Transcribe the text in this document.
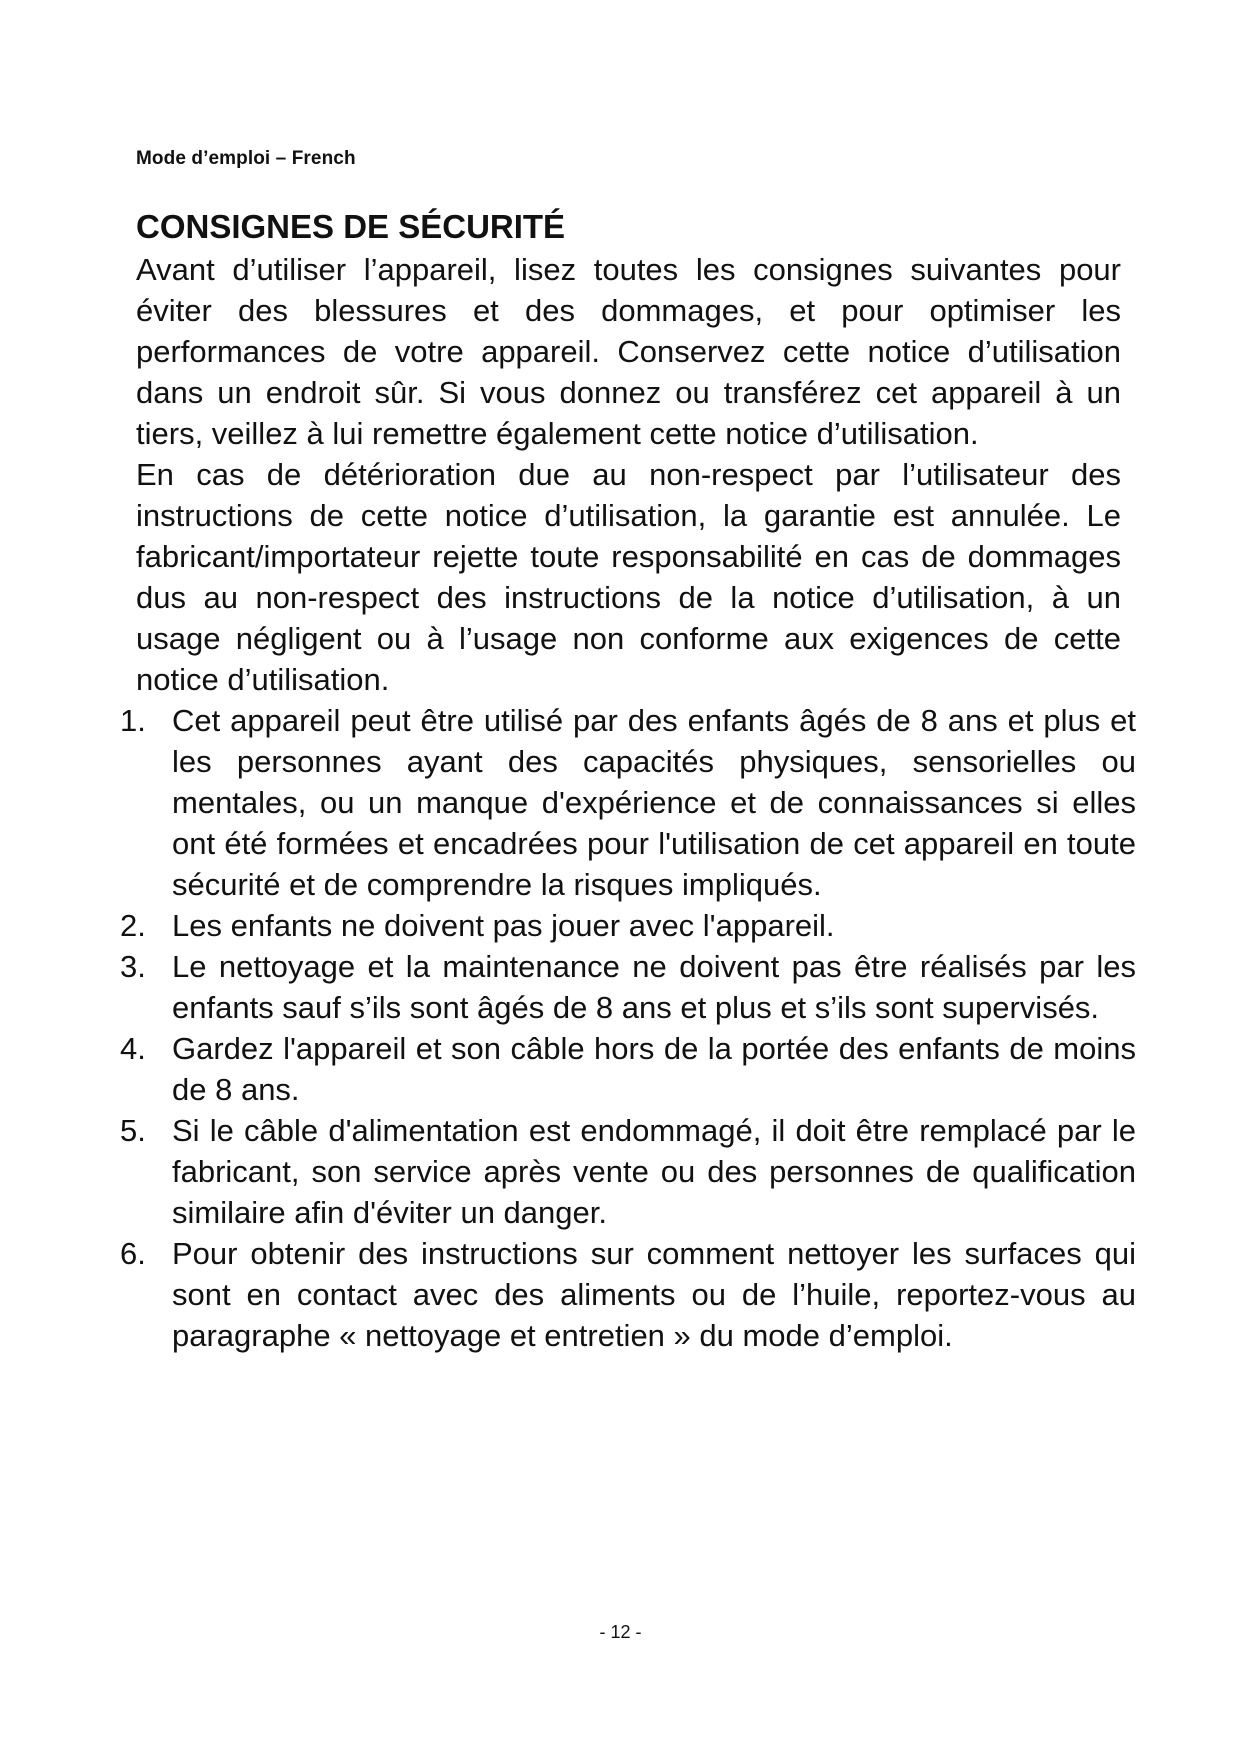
Mode d’emploi – French
CONSIGNES DE SÉCURITÉ

Avant d’utiliser l’appareil, lisez toutes les consignes suivantes pour éviter des blessures et des dommages, et pour optimiser les performances de votre appareil. Conservez cette notice d’utilisation dans un endroit sûr. Si vous donnez ou transférez cet appareil à un tiers, veillez à lui remettre également cette notice d’utilisation.

En cas de détérioration due au non-respect par l’utilisateur des instructions de cette notice d’utilisation, la garantie est annulée. Le fabricant/importateur rejette toute responsabilité en cas de dommages dus au non-respect des instructions de la notice d’utilisation, à un usage négligent ou à l’usage non conforme aux exigences de cette notice d’utilisation.

1. Cet appareil peut être utilisé par des enfants âgés de 8 ans et plus et les personnes ayant des capacités physiques, sensorielles ou mentales, ou un manque d'expérience et de connaissances si elles ont été formées et encadrées pour l'utilisation de cet appareil en toute sécurité et de comprendre la risques impliqués.
2. Les enfants ne doivent pas jouer avec l'appareil.
3. Le nettoyage et la maintenance ne doivent pas être réalisés par les enfants sauf s’ils sont âgés de 8 ans et plus et s’ils sont supervisés.
4. Gardez l'appareil et son câble hors de la portée des enfants de moins de 8 ans.
5. Si le câble d'alimentation est endommagé, il doit être remplacé par le fabricant, son service après vente ou des personnes de qualification similaire afin d'éviter un danger.
6. Pour obtenir des instructions sur comment nettoyer les surfaces qui sont en contact avec des aliments ou de l’huile, reportez-vous au paragraphe « nettoyage et entretien » du mode d’emploi.
- 12 -
